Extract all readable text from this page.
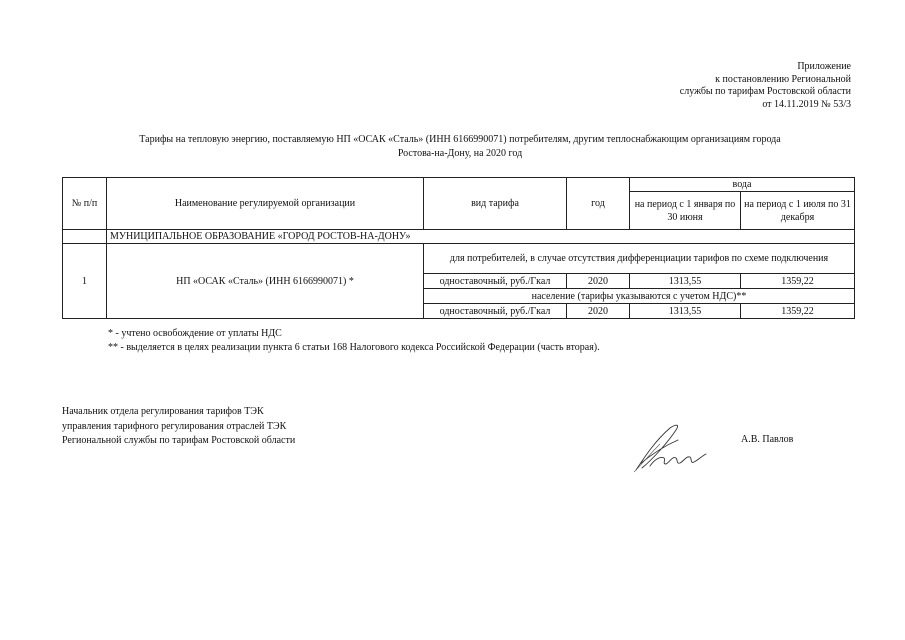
Приложение
к постановлению Региональной
службы по тарифам Ростовской области
от 14.11.2019 № 53/3
Тарифы на тепловую энергию, поставляемую НП «ОСАК «Сталь» (ИНН 6166990071) потребителям, другим теплоснабжающим организациям города
Ростова-на-Дону, на 2020 год
№ п/п	Наименование регулируемой организации	вид тарифа	год	вода	
				на период с 1 января по 30 июня	на период с 1 июля по 31 декабря
	МУНИЦИПАЛЬНОЕ ОБРАЗОВАНИЕ «ГОРОД РОСТОВ-НА-ДОНУ»				
1	НП «ОСАК «Сталь» (ИНН 6166990071) *	для потребителей, в случае отсутствия дифференциации тарифов по схеме подключения			
		одноставочный, руб./Гкал	2020	1313,55	1359,22
		население (тарифы указываются с учетом НДС)**			
		одноставочный, руб./Гкал	2020	1313,55	1359,22
* - учтено освобождение от уплаты НДС
** - выделяется в целях реализации пункта 6 статьи 168 Налогового кодекса Российской Федерации (часть вторая).
Начальник отдела регулирования тарифов ТЭК
управления тарифного регулирования отраслей ТЭК
Региональной службы по тарифам Ростовской области	А.В. Павлов
